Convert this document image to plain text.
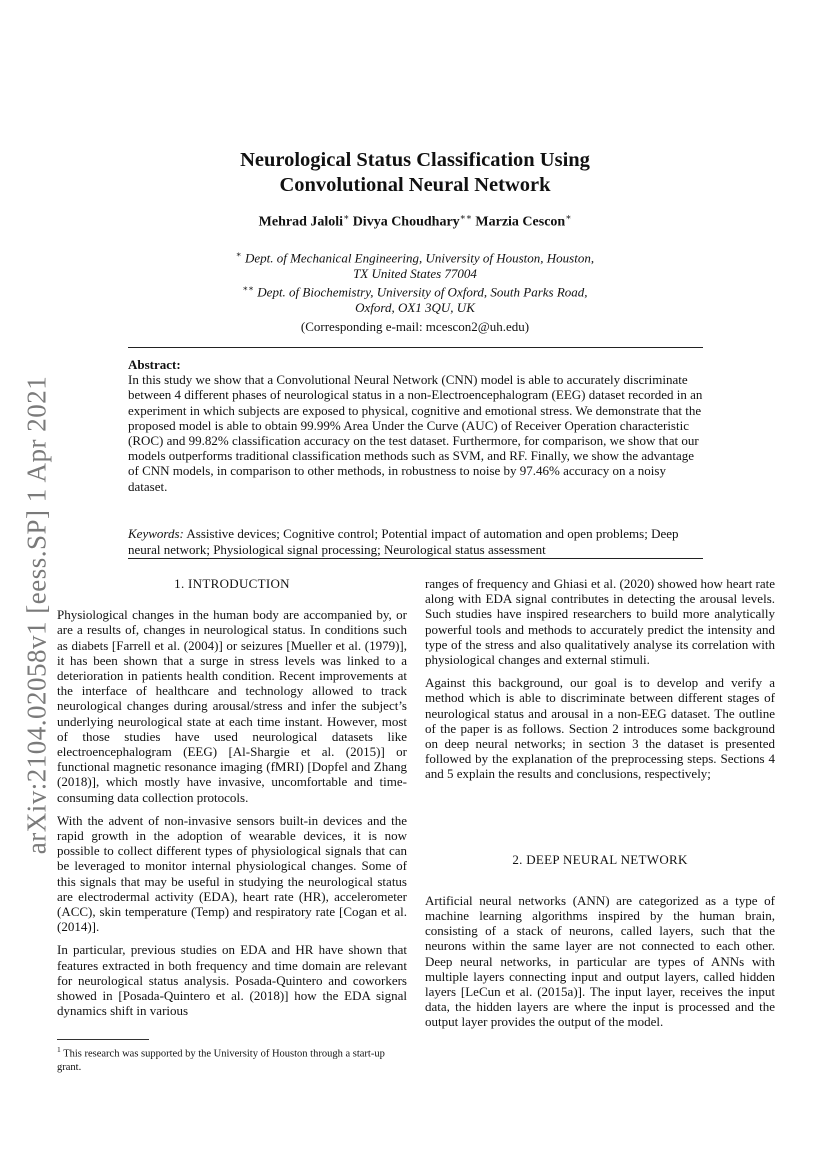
arXiv:2104.02058v1 [eess.SP] 1 Apr 2021
Neurological Status Classification Using
Convolutional Neural Network
Mehrad Jaloli∗ Divya Choudhary∗∗ Marzia Cescon∗
∗ Dept. of Mechanical Engineering, University of Houston, Houston,
TX United States 77004
∗∗ Dept. of Biochemistry, University of Oxford, South Parks Road,
Oxford, OX1 3QU, UK
(Corresponding e-mail: mcescon2@uh.edu)
Abstract:

In this study we show that a Convolutional Neural Network (CNN) model is able to accurately discriminate between 4 different phases of neurological status in a non-Electroencephalogram (EEG) dataset recorded in an experiment in which subjects are exposed to physical, cognitive and emotional stress. We demonstrate that the proposed model is able to obtain 99.99% Area Under the Curve (AUC) of Receiver Operation characteristic (ROC) and 99.82% classification accuracy on the test dataset. Furthermore, for comparison, we show that our models outperforms traditional classification methods such as SVM, and RF. Finally, we show the advantage of CNN models, in comparison to other methods, in robustness to noise by 97.46% accuracy on a noisy dataset.

Keywords: Assistive devices; Cognitive control; Potential impact of automation and open problems; Deep neural network; Physiological signal processing; Neurological status assessment

1. INTRODUCTION

Physiological changes in the human body are accompanied by, or are a results of, changes in neurological status. In conditions such as diabets [Farrell et al. (2004)] or seizures [Mueller et al. (1979)], it has been shown that a surge in stress levels was linked to a deterioration in patients health condition. Recent improvements at the interface of healthcare and technology allowed to track neurological changes during arousal/stress and infer the subject’s underlying neurological state at each time instant. However, most of those studies have used neurological datasets like electroencephalogram (EEG) [Al-Shargie et al. (2015)] or functional magnetic resonance imaging (fMRI) [Dopfel and Zhang (2018)], which mostly have invasive, uncomfortable and time-consuming data collection protocols.

With the advent of non-invasive sensors built-in devices and the rapid growth in the adoption of wearable devices, it is now possible to collect different types of physiological signals that can be leveraged to monitor internal physiological changes. Some of this signals that may be useful in studying the neurological status are electrodermal activity (EDA), heart rate (HR), accelerometer (ACC), skin temperature (Temp) and respiratory rate [Cogan et al. (2014)].

In particular, previous studies on EDA and HR have shown that features extracted in both frequency and time domain are relevant for neurological status analysis. Posada-Quintero and coworkers showed in [Posada-Quintero et al. (2018)] how the EDA signal dynamics shift in various

ranges of frequency and Ghiasi et al. (2020) showed how heart rate along with EDA signal contributes in detecting the arousal levels. Such studies have inspired researchers to build more analytically powerful tools and methods to accurately predict the intensity and type of the stress and also qualitatively analyse its correlation with physiological changes and external stimuli.

Against this background, our goal is to develop and verify a method which is able to discriminate between different stages of neurological status and arousal in a non-EEG dataset. The outline of the paper is as follows. Section 2 introduces some background on deep neural networks; in section 3 the dataset is presented followed by the explanation of the preprocessing steps. Sections 4 and 5 explain the results and conclusions, respectively;

2. DEEP NEURAL NETWORK

Artificial neural networks (ANN) are categorized as a type of machine learning algorithms inspired by the human brain, consisting of a stack of neurons, called layers, such that the neurons within the same layer are not connected to each other. Deep neural networks, in particular are types of ANNs with multiple layers connecting input and output layers, called hidden layers [LeCun et al. (2015a)]. The input layer, receives the input data, the hidden layers are where the input is processed and the output layer provides the output of the model.

$^1$ This research was supported by the University of Houston through a start-up grant.
